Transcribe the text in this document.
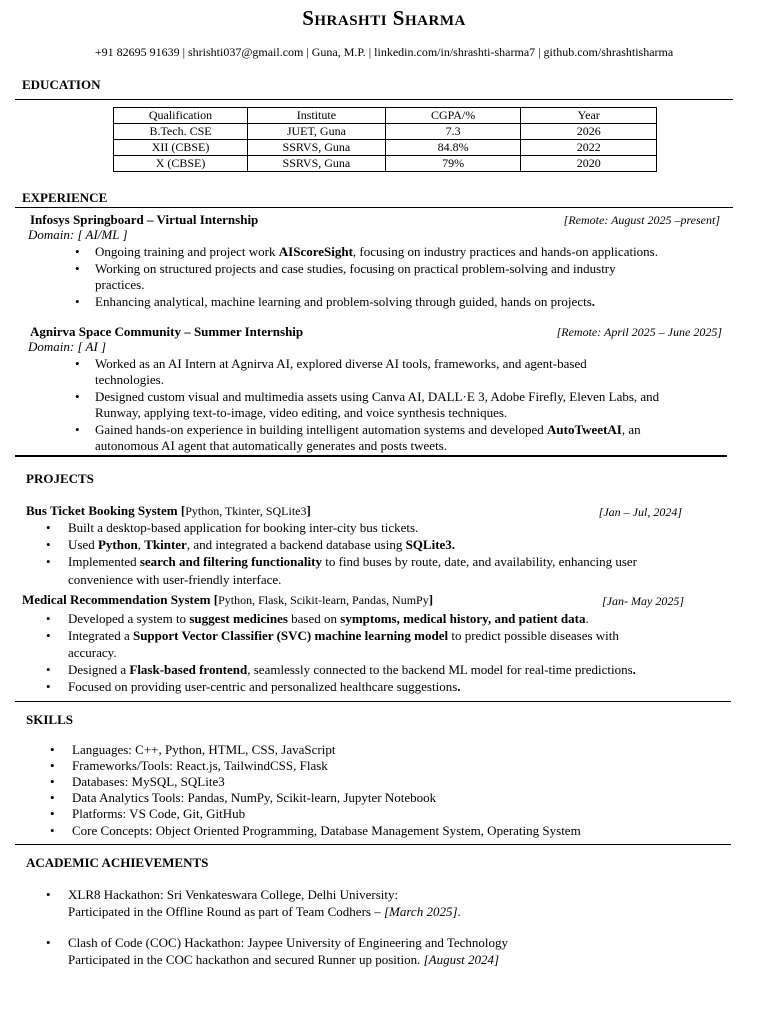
Shrashti Sharma
+91 82695 91639 | shrishti037@gmail.com | Guna, M.P. | linkedin.com/in/shrashti-sharma7 | github.com/shrashtisharma
EDUCATION
Qualification	Institute	CGPA/%	Year
B.Tech. CSE	JUET, Guna	7.3	2026
XII (CBSE)	SSRVS, Guna	84.8%	2022
X (CBSE)	SSRVS, Guna	79%	2020
EXPERIENCE
Infosys Springboard – Virtual Internship	[Remote: August 2025 –present]
Domain: [ AI/ML ]
• Ongoing training and project work AIScoreSight, focusing on industry practices and hands-on applications.
• Working on structured projects and case studies, focusing on practical problem-solving and industry
practices.
• Enhancing analytical, machine learning and problem-solving through guided, hands on projects.
Agnirva Space Community – Summer Internship	[Remote: April 2025 – June 2025]
Domain: [ AI ]
• Worked as an AI Intern at Agnirva AI, explored diverse AI tools, frameworks, and agent-based
technologies.
• Designed custom visual and multimedia assets using Canva AI, DALL·E 3, Adobe Firefly, Eleven Labs, and
Runway, applying text-to-image, video editing, and voice synthesis techniques.
• Gained hands-on experience in building intelligent automation systems and developed AutoTweetAI, an
autonomous AI agent that automatically generates and posts tweets.
PROJECTS
Bus Ticket Booking System [Python, Tkinter, SQLite3]	[Jan – Jul, 2024]
• Built a desktop-based application for booking inter-city bus tickets.
• Used Python, Tkinter, and integrated a backend database using SQLite3.
• Implemented search and filtering functionality to find buses by route, date, and availability, enhancing user
convenience with user-friendly interface.
Medical Recommendation System [Python, Flask, Scikit-learn, Pandas, NumPy]	[Jan- May 2025]
• Developed a system to suggest medicines based on symptoms, medical history, and patient data.
• Integrated a Support Vector Classifier (SVC) machine learning model to predict possible diseases with
accuracy.
• Designed a Flask-based frontend, seamlessly connected to the backend ML model for real-time predictions.
• Focused on providing user-centric and personalized healthcare suggestions.
SKILLS
• Languages: C++, Python, HTML, CSS, JavaScript
• Frameworks/Tools: React.js, TailwindCSS, Flask
• Databases: MySQL, SQLite3
• Data Analytics Tools: Pandas, NumPy, Scikit-learn, Jupyter Notebook
• Platforms: VS Code, Git, GitHub
• Core Concepts: Object Oriented Programming, Database Management System, Operating System
ACADEMIC ACHIEVEMENTS
• XLR8 Hackathon: Sri Venkateswara College, Delhi University:
Participated in the Offline Round as part of Team Codhers – [March 2025].
• Clash of Code (COC) Hackathon: Jaypee University of Engineering and Technology
Participated in the COC hackathon and secured Runner up position. [August 2024]
